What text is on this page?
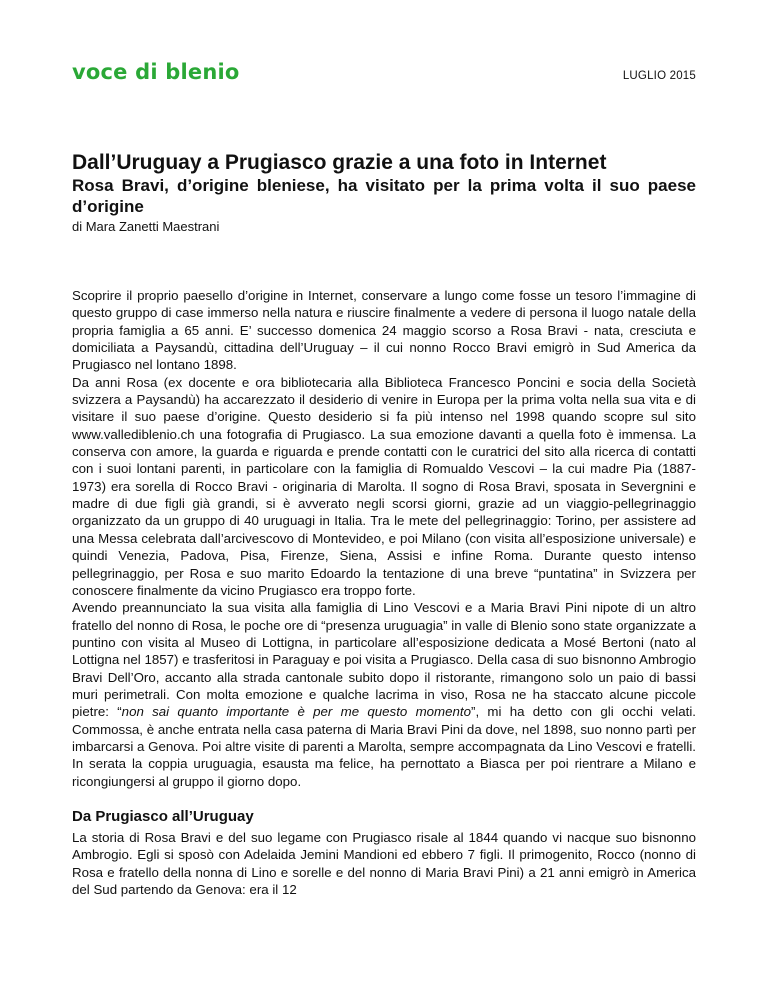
voce di blenio	LUGLIO 2015
Dall’Uruguay a Prugiasco grazie a una foto in Internet
Rosa Bravi, d’origine bleniese, ha visitato per la prima volta il suo paese d’origine
di Mara Zanetti Maestrani

Scoprire il proprio paesello d’origine in Internet, conservare a lungo come fosse un tesoro l’immagine di questo gruppo di case immerso nella natura e riuscire finalmente a vedere di persona il luogo natale della propria famiglia a 65 anni. E’ successo domenica 24 maggio scorso a Rosa Bravi - nata, cresciuta e domiciliata a Paysandù, cittadina dell’Uruguay – il cui nonno Rocco Bravi emigrò in Sud America da Prugiasco nel lontano 1898.

Da anni Rosa (ex docente e ora bibliotecaria alla Biblioteca Francesco Poncini e socia della Società svizzera a Paysandù) ha accarezzato il desiderio di venire in Europa per la prima volta nella sua vita e di visitare il suo paese d’origine. Questo desiderio si fa più intenso nel 1998 quando scopre sul sito www.vallediblenio.ch una fotografia di Prugiasco. La sua emozione davanti a quella foto è immensa. La conserva con amore, la guarda e riguarda e prende contatti con le curatrici del sito alla ricerca di contatti con i suoi lontani parenti, in particolare con la famiglia di Romualdo Vescovi – la cui madre Pia (1887-1973) era sorella di Rocco Bravi - originaria di Marolta. Il sogno di Rosa Bravi, sposata in Severgnini e madre di due figli già grandi, si è avverato negli scorsi giorni, grazie ad un viaggio-pellegrinaggio organizzato da un gruppo di 40 uruguagi in Italia. Tra le mete del pellegrinaggio: Torino, per assistere ad una Messa celebrata dall’arcivescovo di Montevideo, e poi Milano (con visita all’esposizione universale) e quindi Venezia, Padova, Pisa, Firenze, Siena, Assisi e infine Roma. Durante questo intenso pellegrinaggio, per Rosa e suo marito Edoardo la tentazione di una breve “puntatina” in Svizzera per conoscere finalmente da vicino Prugiasco era troppo forte.

Avendo preannunciato la sua visita alla famiglia di Lino Vescovi e a Maria Bravi Pini nipote di un altro fratello del nonno di Rosa, le poche ore di “presenza uruguagia” in valle di Blenio sono state organizzate a puntino con visita al Museo di Lottigna, in particolare all’esposizione dedicata a Mosé Bertoni (nato al Lottigna nel 1857) e trasferitosi in Paraguay e poi visita a Prugiasco. Della casa di suo bisnonno Ambrogio Bravi Dell’Oro, accanto alla strada cantonale subito dopo il ristorante, rimangono solo un paio di bassi muri perimetrali. Con molta emozione e qualche lacrima in viso, Rosa ne ha staccato alcune piccole pietre: “non sai quanto importante è per me questo momento”, mi ha detto con gli occhi velati. Commossa, è anche entrata nella casa paterna di Maria Bravi Pini da dove, nel 1898, suo nonno partì per imbarcarsi a Genova. Poi altre visite di parenti a Marolta, sempre accompagnata da Lino Vescovi e fratelli. In serata la coppia uruguagia, esausta ma felice, ha pernottato a Biasca per poi rientrare a Milano e ricongiungersi al gruppo il giorno dopo.

Da Prugiasco all’Uruguay

La storia di Rosa Bravi e del suo legame con Prugiasco risale al 1844 quando vi nacque suo bisnonno Ambrogio. Egli si sposò con Adelaida Jemini Mandioni ed ebbero 7 figli. Il primogenito, Rocco (nonno di Rosa e fratello della nonna di Lino e sorelle e del nonno di Maria Bravi Pini) a 21 anni emigrò in America del Sud partendo da Genova: era il 12
